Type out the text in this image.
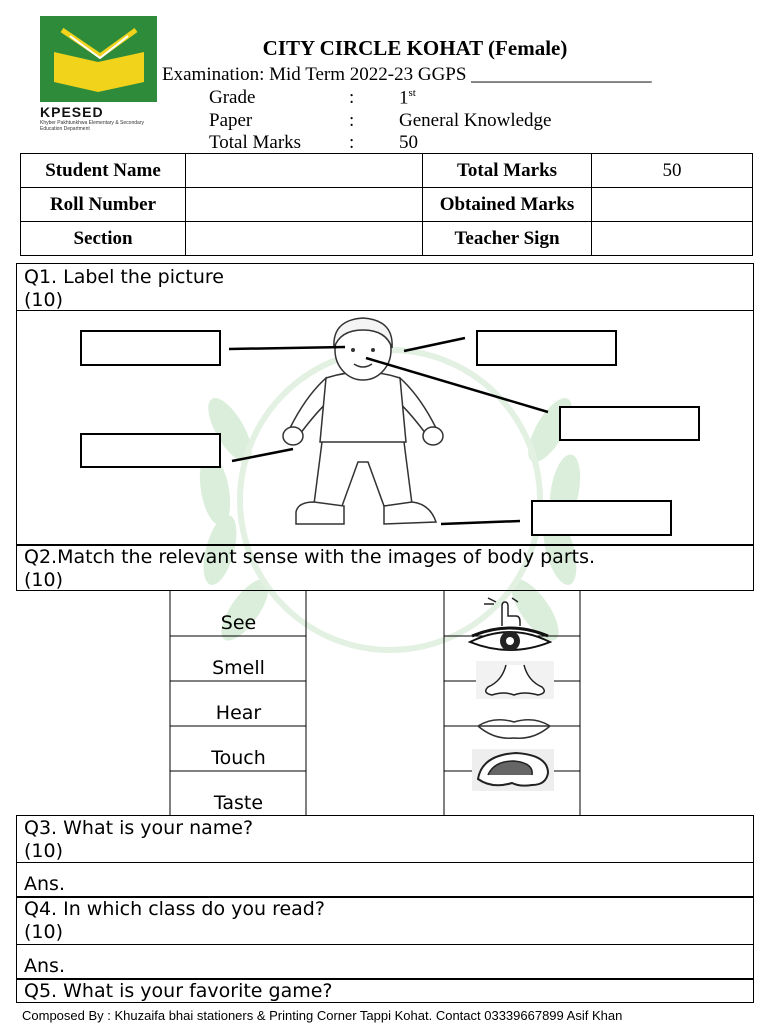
KPESED
Khyber Pakhtunkhwa Elementary & Secondary Education Department
CITY CIRCLE KOHAT (Female)
Examination: Mid Term 2022-23 GGPS ___________________
Grade	: 1st
Paper	: General Knowledge
Total Marks	: 50
Student Name		Total Marks	50
Roll Number		Obtained Marks	
Section		Teacher Sign	
Q1. Label the picture
(10)
Q2.Match the relevant sense with the images of body parts.
(10)
See
Smell
Hear
Touch
Taste
Q3. What is your name?
(10)
Ans.
Q4. In which class do you read?
(10)
Ans.
Q5. What is your favorite game?
Composed By : Khuzaifa bhai stationers & Printing Corner Tappi Kohat. Contact 03339667899 Asif Khan
